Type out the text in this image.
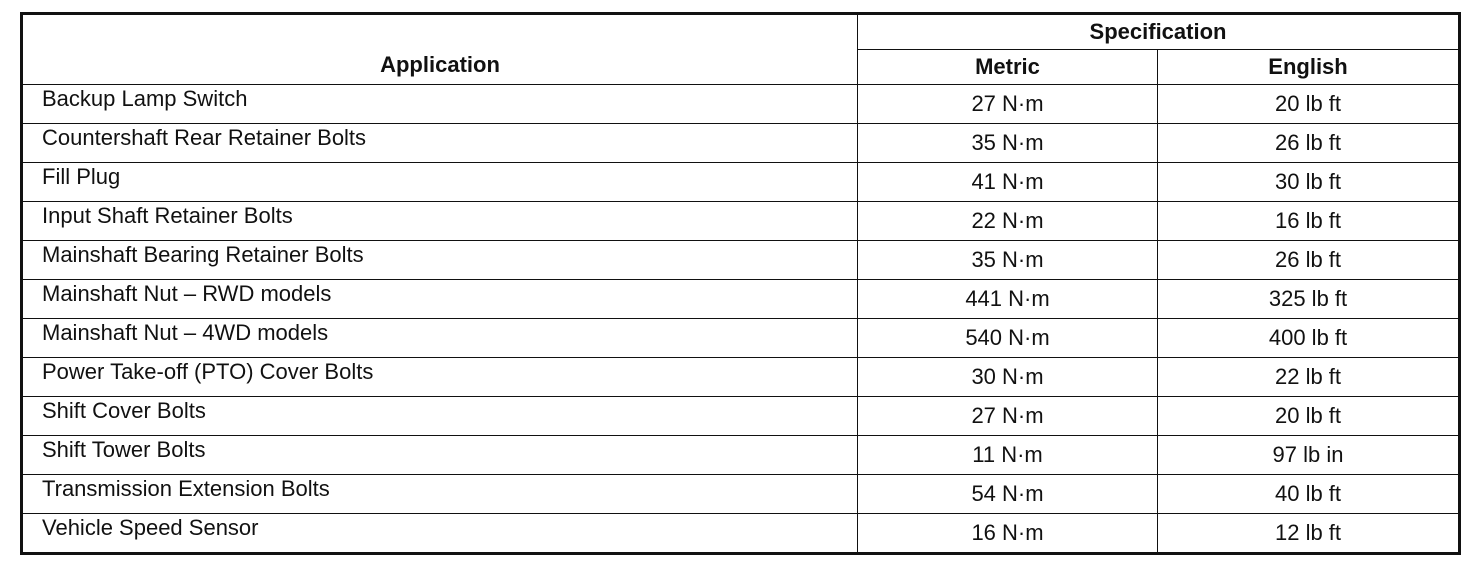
Application	Specification	
	Metric	English
Backup Lamp Switch	27 N·m	20 lb ft
Countershaft Rear Retainer Bolts	35 N·m	26 lb ft
Fill Plug	41 N·m	30 lb ft
Input Shaft Retainer Bolts	22 N·m	16 lb ft
Mainshaft Bearing Retainer Bolts	35 N·m	26 lb ft
Mainshaft Nut – RWD models	441 N·m	325 lb ft
Mainshaft Nut – 4WD models	540 N·m	400 lb ft
Power Take-off (PTO) Cover Bolts	30 N·m	22 lb ft
Shift Cover Bolts	27 N·m	20 lb ft
Shift Tower Bolts	11 N·m	97 lb in
Transmission Extension Bolts	54 N·m	40 lb ft
Vehicle Speed Sensor	16 N·m	12 lb ft
